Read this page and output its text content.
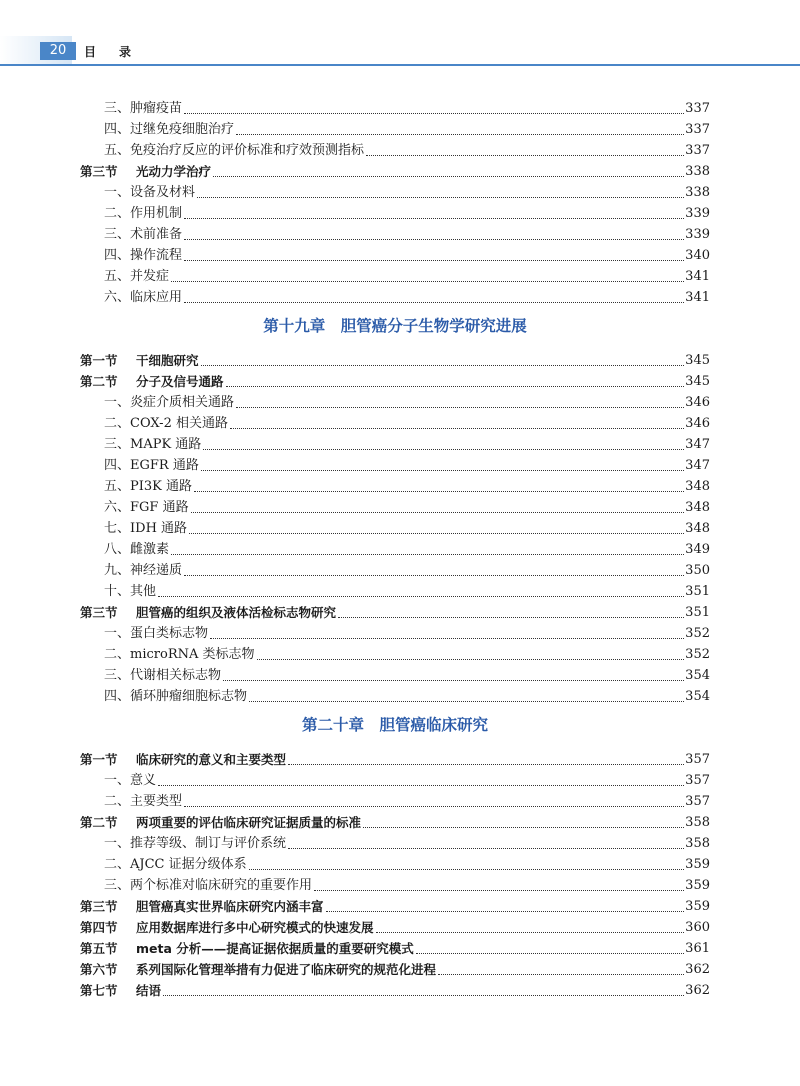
20	目 录
三、 肿瘤疫苗	337
四、 过继免疫细胞治疗	337
五、 免疫治疗反应的评价标准和疗效预测指标	337
第三节	光动力学治疗	338
一、 设备及材料	338
二、 作用机制	339
三、 术前准备	339
四、 操作流程	340
五、 并发症	341
六、 临床应用	341
第十九章　胆管癌分子生物学研究进展
第一节	干细胞研究	345
第二节	分子及信号通路	345
一、 炎症介质相关通路	346
二、 COX-2 相关通路	346
三、 MAPK 通路	347
四、 EGFR 通路	347
五、 PI3K 通路	348
六、 FGF 通路	348
七、 IDH 通路	348
八、 雌激素	349
九、 神经递质	350
十、 其他	351
第三节	胆管癌的组织及液体活检标志物研究	351
一、 蛋白类标志物	352
二、 microRNA 类标志物	352
三、 代谢相关标志物	354
四、 循环肿瘤细胞标志物	354
第二十章　胆管癌临床研究
第一节	临床研究的意义和主要类型	357
一、 意义	357
二、 主要类型	357
第二节	两项重要的评估临床研究证据质量的标准	358
一、 推荐等级、制订与评价系统	358
二、 AJCC 证据分级体系	359
三、 两个标准对临床研究的重要作用	359
第三节	胆管癌真实世界临床研究内涵丰富	359
第四节	应用数据库进行多中心研究模式的快速发展	360
第五节	meta 分析——提高证据依据质量的重要研究模式	361
第六节	系列国际化管理举措有力促进了临床研究的规范化进程	362
第七节	结语	362
